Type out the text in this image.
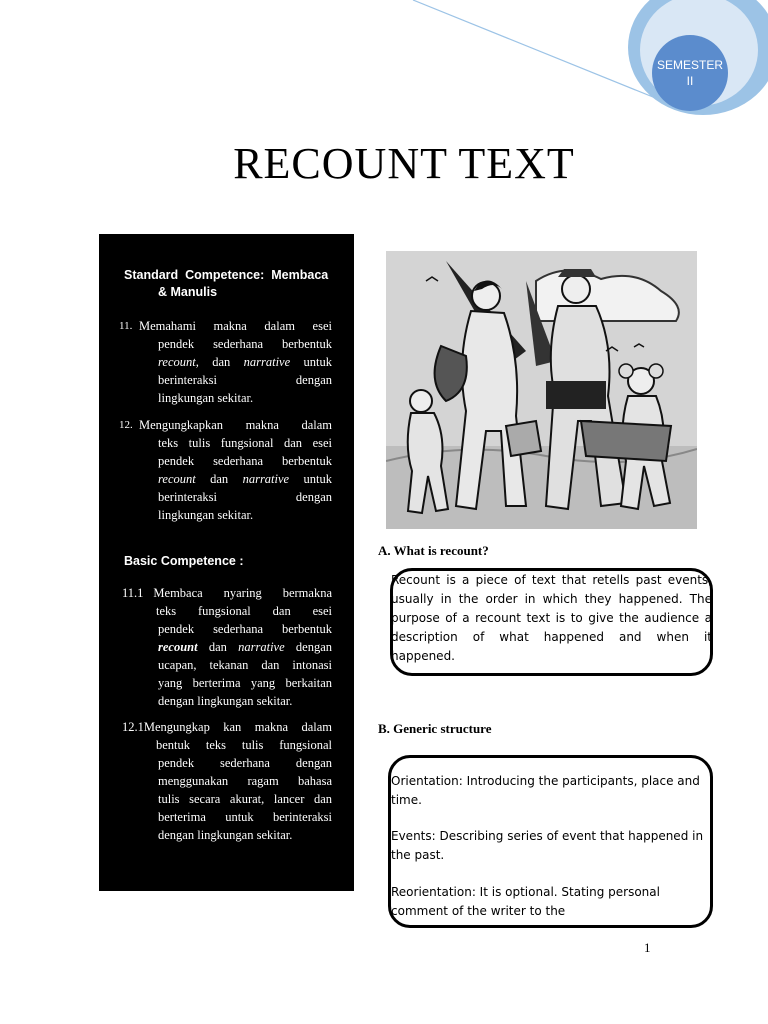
SEMESTER
II
RECOUNT TEXT
Standard  Competence:  Membaca
& Manulis
11. Memahami makna dalam esei
pendek sederhana berbentuk
recount, dan narrative untuk
berinteraksi	dengan
lingkungan sekitar.
12. Mengungkapkan makna dalam
teks tulis fungsional dan esei
pendek sederhana berbentuk
recount dan narrative untuk
berinteraksi	dengan
lingkungan sekitar.
Basic Competence :
11.1 Membaca nyaring bermakna
teks fungsional dan esei
pendek sederhana berbentuk
recount dan narrative dengan
ucapan, tekanan dan intonasi
yang berterima yang berkaitan
dengan lingkungan sekitar.
12.1 Mengungkap kan makna dalam
bentuk teks tulis fungsional
pendek sederhana dengan
menggunakan ragam bahasa
tulis secara akurat, lancer dan
berterima untuk berinteraksi
dengan lingkungan sekitar.
A. What is recount?
Recount is a piece of text that retells past events,
usually in the order in which they happened. The
purpose of a recount text is to give the audience a
description of what happened and when it happened.
B. Generic structure
Orientation: Introducing the participants, place and
time.
Events: Describing series of event that happened in
the past.
Reorientation: It is optional. Stating personal
comment of the writer to the
1
